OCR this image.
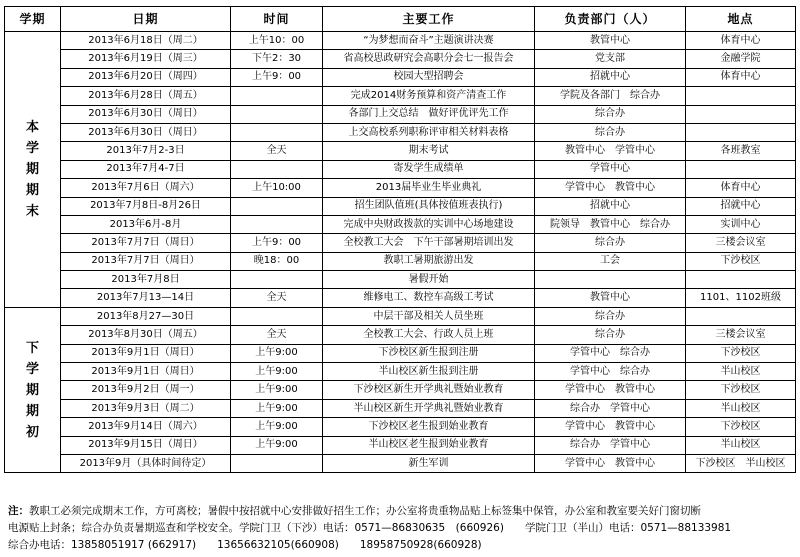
学期	日期	时间	主要工作	负责部门（人）	地点

本
学
期
期
末	2013年6月18日（周二）	上午10：00	“为梦想而奋斗”主题演讲决赛	教管中心	体育中心
	2013年6月19日（周三）	下午2：30	省高校思政研究会高职分会七一报告会	党支部	金融学院
	2013年6月20日（周四）	上午9：00	校园大型招聘会	招就中心	体育中心
	2013年6月28日（周五）		完成2014财务预算和资产清查工作	学院及各部门　综合办	
	2013年6月30日（周日）		各部门上交总结　做好评优评先工作	综合办	
	2013年6月30日（周日）		上交高校系列职称评审相关材料表格	综合办	
	2013年7月2-3日	全天	期末考试	教管中心　学管中心	各班教室
	2013年7月4-7日		寄发学生成绩单	学管中心	
	2013年7月6日（周六）	上午10:00	2013届毕业生毕业典礼	学管中心　教管中心	体育中心
	2013年7月8日-8月26日		招生团队值班(具体按值班表执行)	招就中心	招就中心
	2013年6月-8月		完成中央财政拨款的实训中心场地建设	院领导　教管中心　综合办	实训中心
	2013年7月7日（周日）	上午9：00	全校教工大会　下午干部暑期培训出发	综合办	三楼会议室
	2013年7月7日（周日）	晚18：00	教职工暑期旅游出发	工会	下沙校区
	2013年7月8日		暑假开始		
	2013年7月13—14日	全天	维修电工、数控车高级工考试	教管中心	1101、1102班级

下
学
期
期
初	2013年8月27—30日		中层干部及相关人员坐班	综合办	
	2013年8月30日（周五）	全天	全校教工大会、行政人员上班	综合办	三楼会议室
	2013年9月1日（周日）	上午9:00	下沙校区新生报到注册	学管中心　综合办	下沙校区
	2013年9月1日（周日）	上午9:00	半山校区新生报到注册	学管中心　综合办	半山校区
	2013年9月2日（周一）	上午9:00	下沙校区新生开学典礼暨始业教育	学管中心　教管中心	下沙校区
	2013年9月3日（周二）	上午9:00	半山校区新生开学典礼暨始业教育	综合办　学管中心	半山校区
	2013年9月14日（周六）	上午9:00	下沙校区老生报到始业教育	学管中心　教管中心	下沙校区
	2013年9月15日（周日）	上午9:00	半山校区老生报到始业教育	综合办　学管中心	半山校区
	2013年9月（具体时间待定）		新生军训	学管中心　教管中心	下沙校区　半山校区
注：教职工必须完成期末工作，方可离校；暑假中按招就中心安排做好招生工作；办公室将贵重物品贴上标签集中保管，办公室和教室要关好门窗切断
电源贴上封条；综合办负责暑期巡查和学校安全。学院门卫（下沙）电话：0571—86830635　(660926)　　学院门卫（半山）电话：0571—88133981
综合办电话：13858051917 (662917)　　13656632105(660908)　　18958750928(660928)
